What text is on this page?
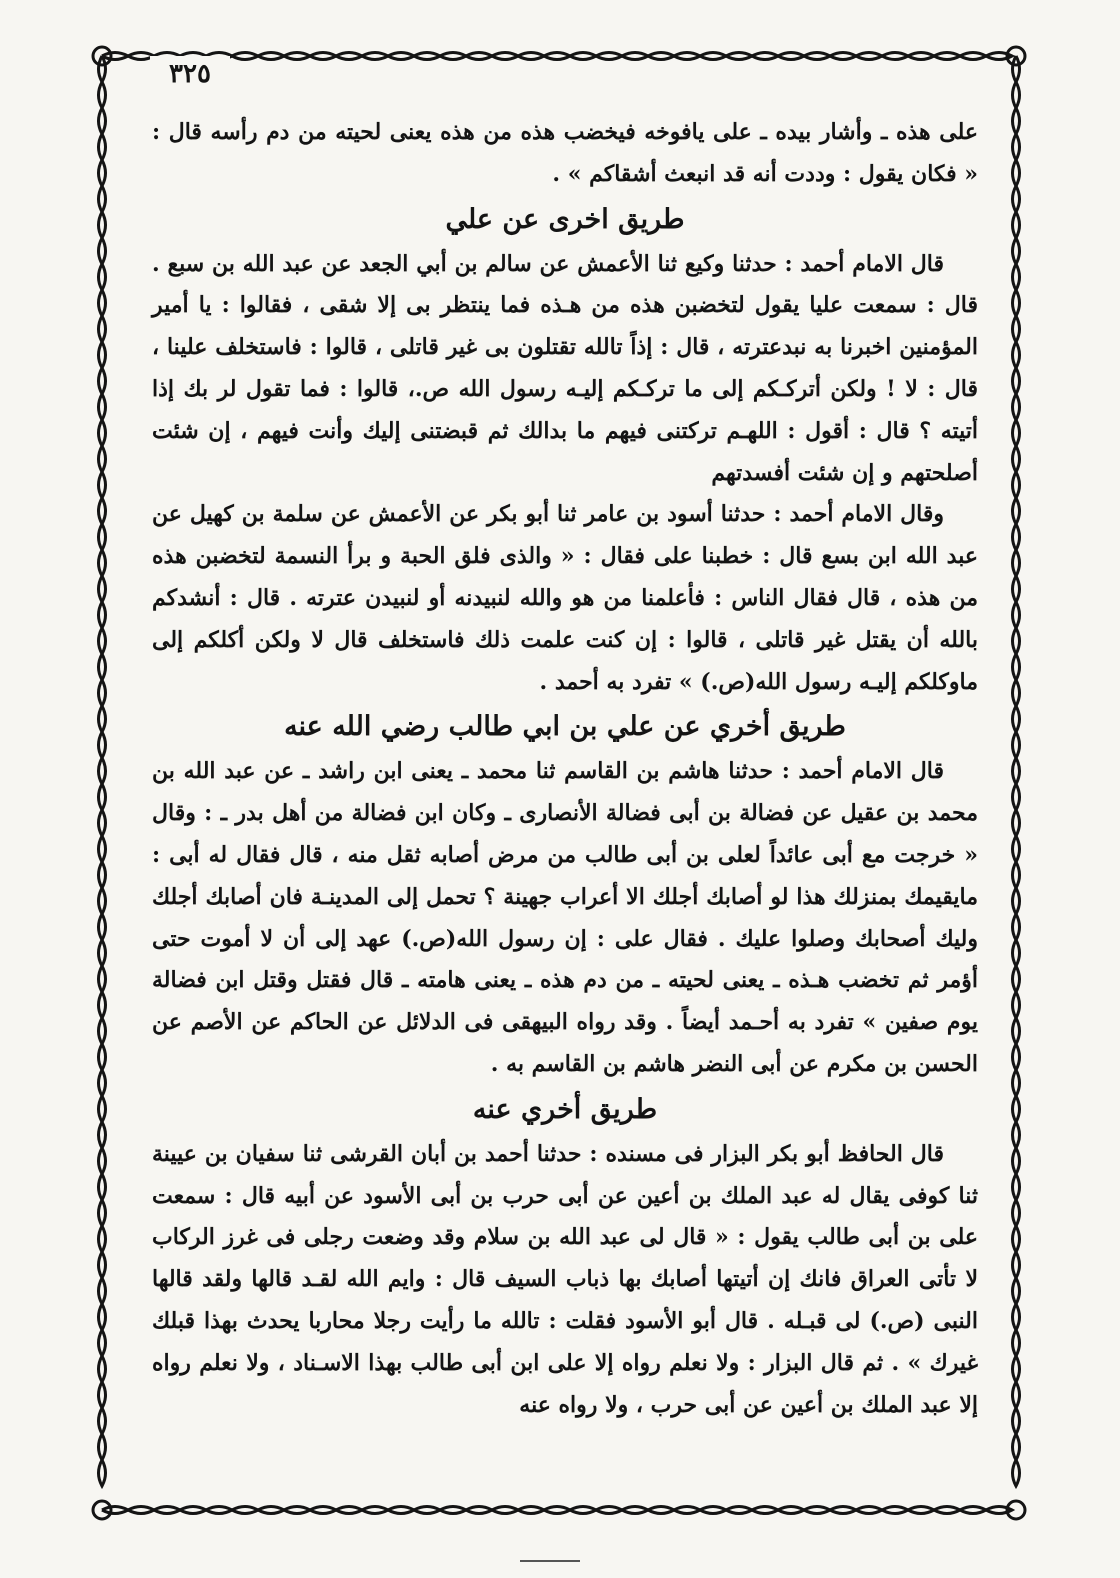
٣٢٥

على هذه ـ وأشار بيده ـ على يافوخه فيخضب هذه من هذه يعنى لحيته من دم رأسه قال : « فكان يقول : وددت أنه قد انبعث أشقاكم » .

طريق اخرى عن علي

قال الامام أحمد : حدثنا وكيع ثنا الأعمش عن سالم بن أبي الجعد عن عبد الله بن سبع . قال : سمعت عليا يقول لتخضبن هذه من هـذه فما ينتظر بى إلا شقى ، فقالوا : يا أمير المؤمنين اخبرنا به نبدعترته ، قال : إذاً تالله تقتلون بى غير قاتلى ، قالوا : فاستخلف علينا ، قال : لا ! ولكن أتركـكم إلى ما تركـكم إليـه رسول الله ص.، قالوا : فما تقول لر بك إذا أتيته ؟ قال : أقول : اللهـم تركتنى فيهم ما بدالك ثم قبضتنى إليك وأنت فيهم ، إن شئت أصلحتهم و إن شئت أفسدتهم

وقال الامام أحمد : حدثنا أسود بن عامر ثنا أبو بكر عن الأعمش عن سلمة بن كهيل عن عبد الله ابن بسع قال : خطبنا على فقال : « والذى فلق الحبة و برأ النسمة لتخضبن هذه من هذه ، قال فقال الناس : فأعلمنا من هو والله لنبيدنه أو لنبيدن عترته . قال : أنشدكم بالله أن يقتل غير قاتلى ، قالوا : إن كنت علمت ذلك فاستخلف قال لا ولكن أكلكم إلى ماوكلكم إليـه رسول الله(ص.) » تفرد به أحمد .

طريق أخري عن علي بن ابي طالب رضي الله عنه

قال الامام أحمد : حدثنا هاشم بن القاسم ثنا محمد ـ يعنى ابن راشد ـ عن عبد الله بن محمد بن عقيل عن فضالة بن أبى فضالة الأنصارى ـ وكان ابن فضالة من أهل بدر ـ : وقال « خرجت مع أبى عائداً لعلى بن أبى طالب من مرض أصابه ثقل منه ، قال فقال له أبى : مايقيمك بمنزلك هذا لو أصابك أجلك الا أعراب جهينة ؟ تحمل إلى المدينـة فان أصابك أجلك وليك أصحابك وصلوا عليك . فقال على : إن رسول الله(ص.) عهد إلى أن لا أموت حتى أؤمر ثم تخضب هـذه ـ يعنى لحيته ـ من دم هذه ـ يعنى هامته ـ قال فقتل وقتل ابن فضالة يوم صفين » تفرد به أحـمد أيضاً . وقد رواه البيهقى فى الدلائل عن الحاكم عن الأصم عن الحسن بن مكرم عن أبى النضر هاشم بن القاسم به .

طريق أخري عنه

قال الحافظ أبو بكر البزار فى مسنده : حدثنا أحمد بن أبان القرشى ثنا سفيان بن عيينة ثنا كوفى يقال له عبد الملك بن أعين عن أبى حرب بن أبى الأسود عن أبيه قال : سمعت على بن أبى طالب يقول : « قال لى عبد الله بن سلام وقد وضعت رجلى فى غرز الركاب لا تأتى العراق فانك إن أتيتها أصابك بها ذباب السيف قال : وايم الله لقـد قالها ولقد قالها النبى (ص.) لى قبـله . قال أبو الأسود فقلت : تالله ما رأيت رجلا محاربا يحدث بهذا قبلك غيرك » . ثم قال البزار : ولا نعلم رواه إلا على ابن أبى طالب بهذا الاسـناد ، ولا نعلم رواه إلا عبد الملك بن أعين عن أبى حرب ، ولا رواه عنه
